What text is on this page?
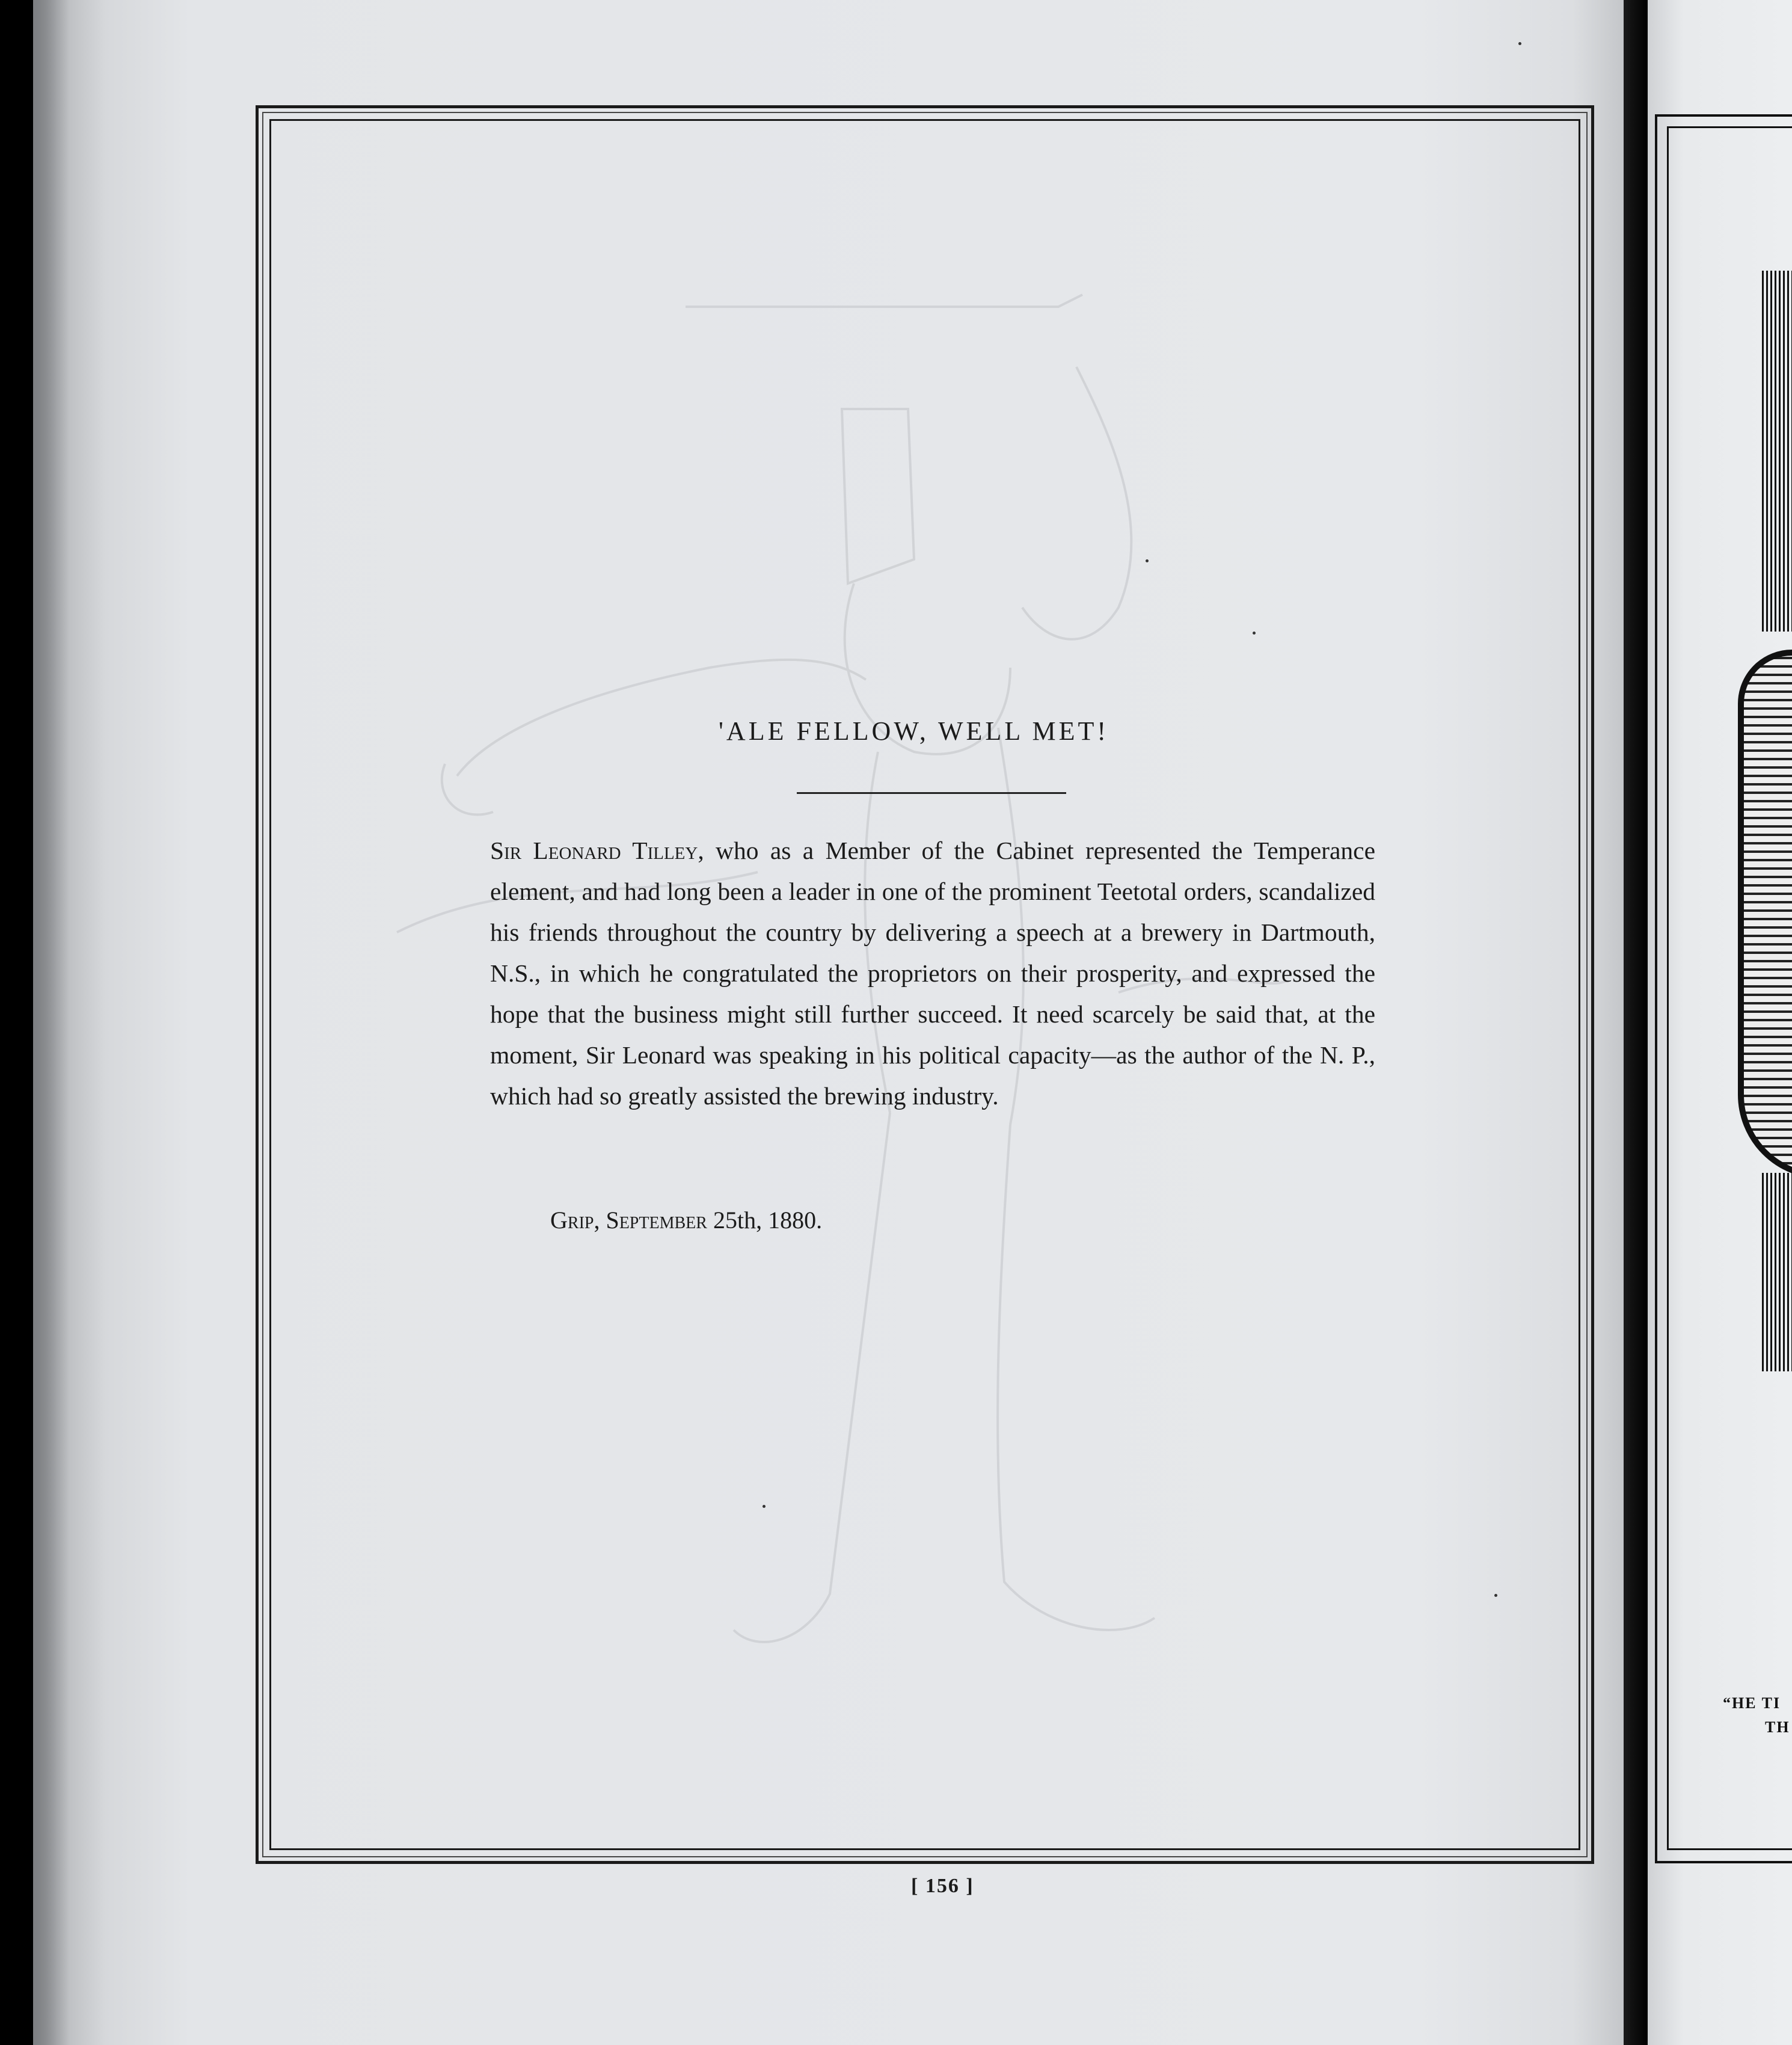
'ALE FELLOW, WELL MET!
Sir Leonard Tilley, who as a Member of the Cabinet represented the Temperance element, and had long been a leader in one of the prominent Teetotal orders, scandalized his friends throughout the country by delivering a speech at a brewery in Dartmouth, N.S., in which he congratulated the proprietors on their prosperity, and expressed the hope that the business might still further succeed. It need scarcely be said that, at the moment, Sir Leonard was speaking in his political capacity—as the author of the N. P., which had so greatly assisted the brewing industry.
Grip, September 25th, 1880.
[ 156 ]
“HE TI
TH
